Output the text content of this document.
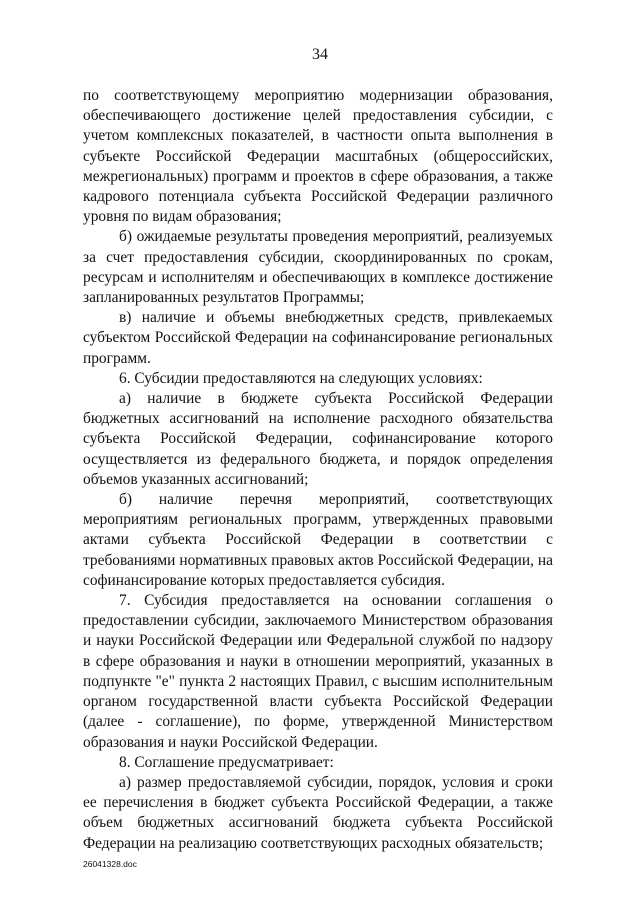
34

по соответствующему мероприятию модернизации образования, обеспечивающего достижение целей предоставления субсидии, с учетом комплексных показателей, в частности опыта выполнения в субъекте Российской Федерации масштабных (общероссийских, межрегиональных) программ и проектов в сфере образования, а также кадрового потенциала субъекта Российской Федерации различного уровня по видам образования;

б) ожидаемые результаты проведения мероприятий, реализуемых за счет предоставления субсидии, скоординированных по срокам, ресурсам и исполнителям и обеспечивающих в комплексе достижение запланированных результатов Программы;

в) наличие и объемы внебюджетных средств, привлекаемых субъектом Российской Федерации на софинансирование региональных программ.

6. Субсидии предоставляются на следующих условиях:

а) наличие в бюджете субъекта Российской Федерации бюджетных ассигнований на исполнение расходного обязательства субъекта Российской Федерации, софинансирование которого осуществляется из федерального бюджета, и порядок определения объемов указанных ассигнований;

б) наличие перечня мероприятий, соответствующих мероприятиям региональных программ, утвержденных правовыми актами субъекта Российской Федерации в соответствии с требованиями нормативных правовых актов Российской Федерации, на софинансирование которых предоставляется субсидия.

7. Субсидия предоставляется на основании соглашения о предоставлении субсидии, заключаемого Министерством образования и науки Российской Федерации или Федеральной службой по надзору в сфере образования и науки в отношении мероприятий, указанных в подпункте "е" пункта 2 настоящих Правил, с высшим исполнительным органом государственной власти субъекта Российской Федерации (далее - соглашение), по форме, утвержденной Министерством образования и науки Российской Федерации.

8. Соглашение предусматривает:

а) размер предоставляемой субсидии, порядок, условия и сроки ее перечисления в бюджет субъекта Российской Федерации, а также объем бюджетных ассигнований бюджета субъекта Российской Федерации на реализацию соответствующих расходных обязательств;

26041328.doc
